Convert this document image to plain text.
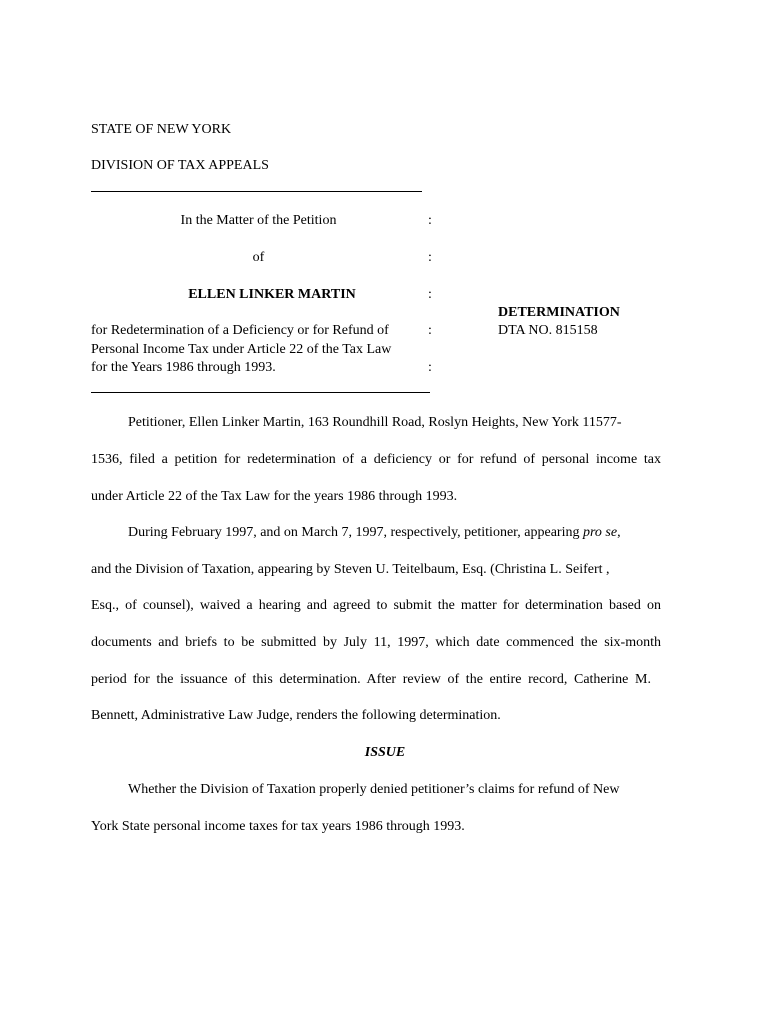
STATE OF NEW YORK
DIVISION OF TAX APPEALS
In the Matter of the Petition
of
ELLEN LINKER MARTIN
for Redetermination of a Deficiency or for Refund of
Personal Income Tax under Article 22 of the Tax Law
for the Years 1986 through 1993.
:
:
:
:
:
DETERMINATION
DTA NO. 815158
Petitioner, Ellen Linker Martin, 163 Roundhill Road, Roslyn Heights, New York 11577-
1536, filed a petition for redetermination of a deficiency or for refund of personal income tax
under Article 22 of the Tax Law for the years 1986 through 1993.
During February 1997, and on March 7, 1997, respectively, petitioner, appearing pro se,
and the Division of Taxation, appearing by Steven U. Teitelbaum, Esq. (Christina L. Seifert ,
Esq., of counsel), waived a hearing and agreed to submit the matter for determination based on
documents and briefs to be submitted by July 11, 1997, which date commenced the six-month
period for the issuance of this determination. After review of the entire record, Catherine M.
Bennett, Administrative Law Judge, renders the following determination.
ISSUE
Whether the Division of Taxation properly denied petitioner’s claims for refund of New
York State personal income taxes for tax years 1986 through 1993.
